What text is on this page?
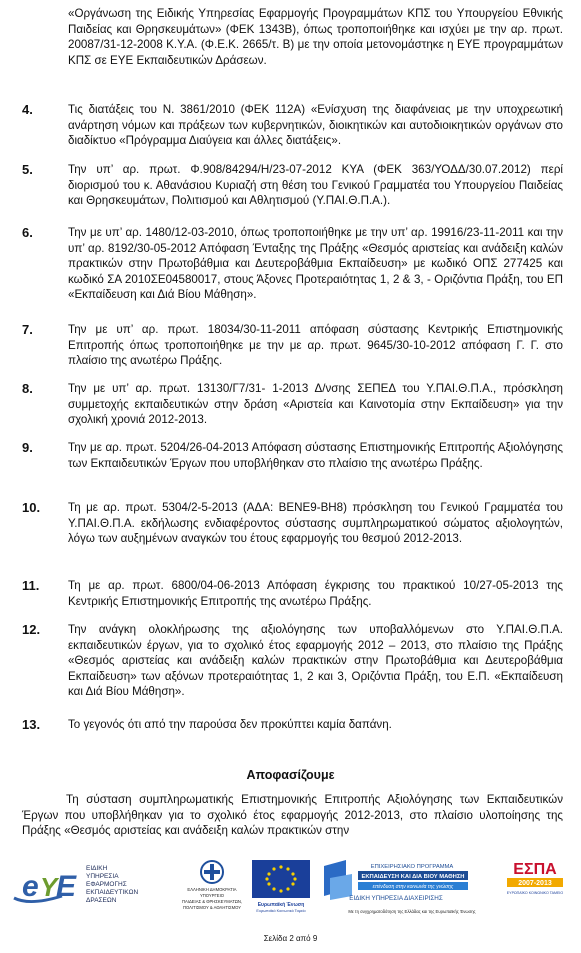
«Οργάνωση της Ειδικής Υπηρεσίας Εφαρμογής Προγραμμάτων ΚΠΣ του Υπουργείου Εθνικής Παιδείας και Θρησκευμάτων» (ΦΕΚ 1343Β), όπως τροποποιήθηκε και ισχύει με την αρ. πρωτ. 20087/31-12-2008 Κ.Υ.Α. (Φ.Ε.Κ. 2665/τ. Β) με την οποία μετονομάστηκε η ΕΥΕ προγραμμάτων ΚΠΣ σε ΕΥΕ Εκπαιδευτικών Δράσεων.
4.	Τις διατάξεις του Ν. 3861/2010 (ΦΕΚ 112Α) «Ενίσχυση της διαφάνειας με την υποχρεωτική ανάρτηση νόμων και πράξεων των κυβερνητικών, διοικητικών και αυτοδιοικητικών οργάνων στο διαδίκτυο «Πρόγραμμα Διαύγεια και άλλες διατάξεις».
5.	Την υπ’ αρ. πρωτ. Φ.908/84294/Η/23-07-2012 ΚΥΑ (ΦΕΚ 363/ΥΟΔΔ/30.07.2012) περί διορισμού του κ. Αθανάσιου Κυριαζή στη θέση του Γενικού Γραμματέα του Υπουργείου Παιδείας και Θρησκευμάτων, Πολιτισμού και Αθλητισμού (Υ.ΠΑΙ.Θ.Π.Α.).
6.	Την με υπ’ αρ. 1480/12-03-2010, όπως τροποποιήθηκε με την υπ’ αρ. 19916/23-11-2011 και την υπ’ αρ. 8192/30-05-2012 Απόφαση Ένταξης της Πράξης «Θεσμός αριστείας και ανάδειξη καλών πρακτικών στην Πρωτοβάθμια και Δευτεροβάθμια Εκπαίδευση» με κωδικό ΟΠΣ 277425 και κωδικό ΣΑ 2010ΣΕ04580017, στους Άξονες Προτεραιότητας 1, 2 & 3, - Οριζόντια Πράξη, του ΕΠ «Εκπαίδευση και Διά Βίου Μάθηση».
7.	Την με υπ’ αρ. πρωτ. 18034/30-11-2011 απόφαση σύστασης Κεντρικής Επιστημονικής Επιτροπής όπως τροποποιήθηκε με την με αρ. πρωτ. 9645/30-10-2012 απόφαση Γ. Γ. στο πλαίσιο της ανωτέρω Πράξης.
8.	Την με υπ’ αρ. πρωτ. 13130/Γ7/31- 1-2013 Δ/νσης ΣΕΠΕΔ του Υ.ΠΑΙ.Θ.Π.Α., πρόσκληση συμμετοχής εκπαιδευτικών στην δράση «Αριστεία και Καινοτομία στην Εκπαίδευση» για την σχολική χρονιά 2012-2013.
9.	Την με αρ. πρωτ. 5204/26-04-2013 Απόφαση σύστασης Επιστημονικής Επιτροπής Αξιολόγησης των Εκπαιδευτικών Έργων που υποβλήθηκαν στο πλαίσιο της ανωτέρω Πράξης.
10.	Τη με αρ. πρωτ. 5304/2-5-2013 (ΑΔΑ: ΒΕΝΕ9-ΒΗ8) πρόσκληση του Γενικού Γραμματέα του Υ.ΠΑΙ.Θ.Π.Α. εκδήλωσης ενδιαφέροντος σύστασης συμπληρωματικού σώματος αξιολογητών, λόγω των αυξημένων αναγκών του έτους εφαρμογής του θεσμού 2012-2013.
11.	Τη με αρ. πρωτ. 6800/04-06-2013 Απόφαση έγκρισης του πρακτικού 10/27-05-2013 της Κεντρικής Επιστημονικής Επιτροπής της ανωτέρω Πράξης.
12.	Την ανάγκη ολοκλήρωσης της αξιολόγησης των υποβαλλόμενων στο Υ.ΠΑΙ.Θ.Π.Α. εκπαιδευτικών έργων, για το σχολικό έτος εφαρμογής 2012 – 2013, στο πλαίσιο της Πράξης «Θεσμός αριστείας και ανάδειξη καλών πρακτικών στην Πρωτοβάθμια και Δευτεροβάθμια Εκπαίδευση» των αξόνων προτεραιότητας 1, 2 και 3, Οριζόντια Πράξη, του Ε.Π. «Εκπαίδευση και Διά Βίου Μάθηση».
13.	Το γεγονός ότι από την παρούσα δεν προκύπτει καμία δαπάνη.
Αποφασίζουμε
Τη σύσταση συμπληρωματικής Επιστημονικής Επιτροπής Αξιολόγησης των Εκπαιδευτικών Έργων που υποβλήθηκαν για το σχολικό έτος εφαρμογής 2012-2013, στο πλαίσιο υλοποίησης της Πράξης «Θεσμός αριστείας και ανάδειξη καλών πρακτικών στην
e Y
E
ΕΙΔΙΚΗ
ΥΠΗΡΕΣΙΑ
ΕΦΑΡΜΟΓΗΣ
ΕΚΠΑΙΔΕΥΤΙΚΩΝ
ΔΡΑΣΕΩΝ
ΕΛΛΗΝΙΚΗ ΔΗΜΟΚΡΑΤΙΑ
ΥΠΟΥΡΓΕΙΟ
ΠΑΙΔΕΙΑΣ & ΘΡΗΣΚΕΥΜΑΤΩΝ,
ΠΟΛΙΤΙΣΜΟΥ & ΑΘΛΗΤΙΣΜΟΥ	Ευρωπαϊκή Ένωση
Ευρωπαϊκό Κοινωνικό Ταμείο
ΕΠΙΧΕΙΡΗΣΙΑΚΟ ΠΡΟΓΡΑΜΜΑ
ΕΚΠΑΙΔΕΥΣΗ ΚΑΙ ΔΙΑ ΒΙΟΥ ΜΑΘΗΣΗ
επένδυση στην κοινωνία της γνώσης
ΕΙΔΙΚΗ ΥΠΗΡΕΣΙΑ ΔΙΑΧΕΙΡΙΣΗΣ
ΕΣΠΑ
2007-2013
ΕΥΡΩΠΑΪΚΟ ΚΟΙΝΩΝΙΚΟ ΤΑΜΕΙΟ
Με τη συγχρηματοδότηση της Ελλάδας και της Ευρωπαϊκής Ένωσης
Σελίδα 2 από 9
